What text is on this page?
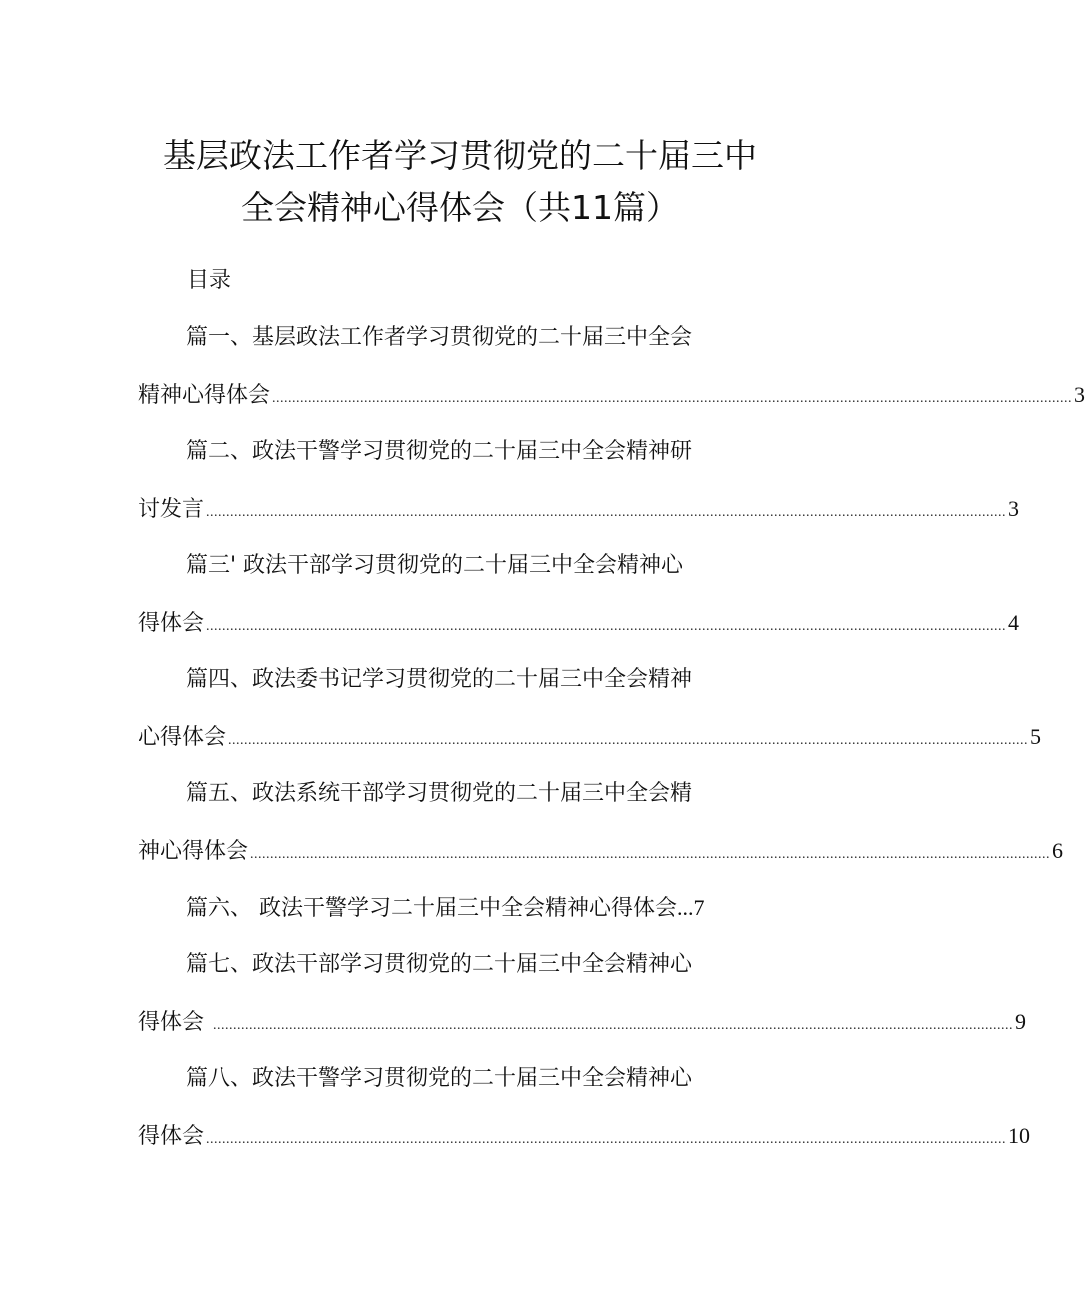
基层政法工作者学习贯彻党的二十届三中
全会精神心得体会（共11篇）
目录
篇一、基层政法工作者学习贯彻党的二十届三中全会
精神心得体会 ........................................................................................................................................................................................................ 3
篇二、政法干警学习贯彻党的二十届三中全会精神研
讨发言 ........................................................................................................................................................................................................ 3
篇三' 政法干部学习贯彻党的二十届三中全会精神心
得体会 ........................................................................................................................................................................................................ 4
篇四、政法委书记学习贯彻党的二十届三中全会精神
心得体会 ........................................................................................................................................................................................................ 5
篇五、政法系统干部学习贯彻党的二十届三中全会精
神心得体会 ........................................................................................................................................................................................................ 6
篇六、 政法干警学习二十届三中全会精神心得体会 ... 7
篇七、政法干部学习贯彻党的二十届三中全会精神心
得体会 ........................................................................................................................................................................................................ 9
篇八、政法干警学习贯彻党的二十届三中全会精神心
得体会 ........................................................................................................................................................................................................ 10
